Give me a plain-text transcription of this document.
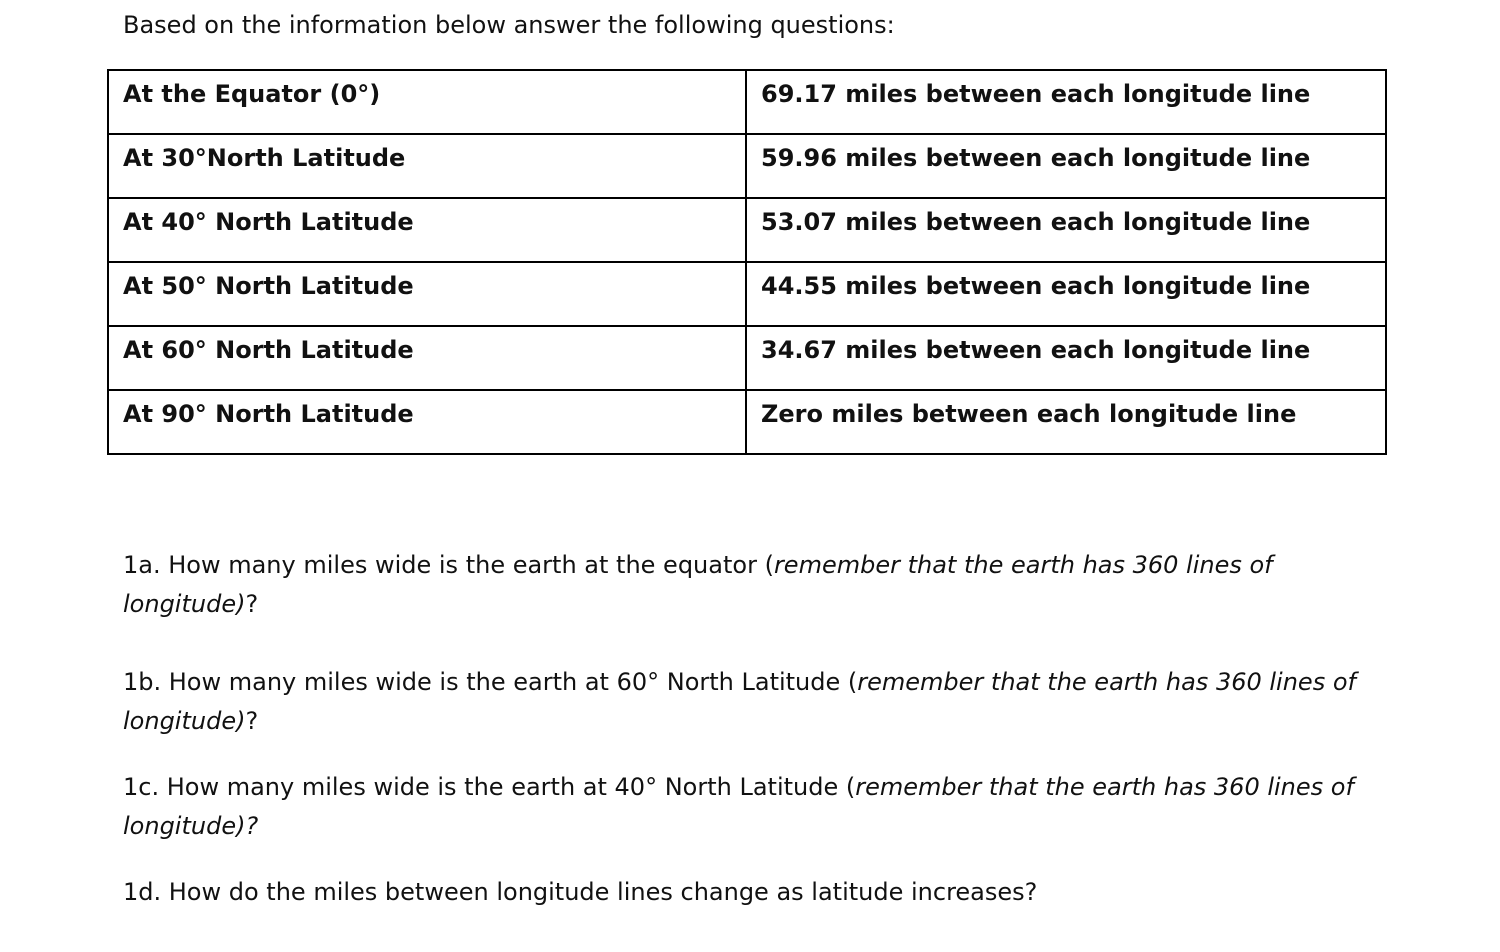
Based on the information below answer the following questions:

At the Equator (0°)	69.17 miles between each longitude line
At 30°North Latitude	59.96 miles between each longitude line
At 40° North Latitude	53.07 miles between each longitude line
At 50° North Latitude	44.55 miles between each longitude line
At 60° North Latitude	34.67 miles between each longitude line
At 90° North Latitude	Zero miles between each longitude line

1a. How many miles wide is the earth at the equator (remember that the earth has 360 lines of longitude)?

1b. How many miles wide is the earth at 60° North Latitude (remember that the earth has 360 lines of longitude)?

1c. How many miles wide is the earth at 40° North Latitude (remember that the earth has 360 lines of longitude)?

1d. How do the miles between longitude lines change as latitude increases?
